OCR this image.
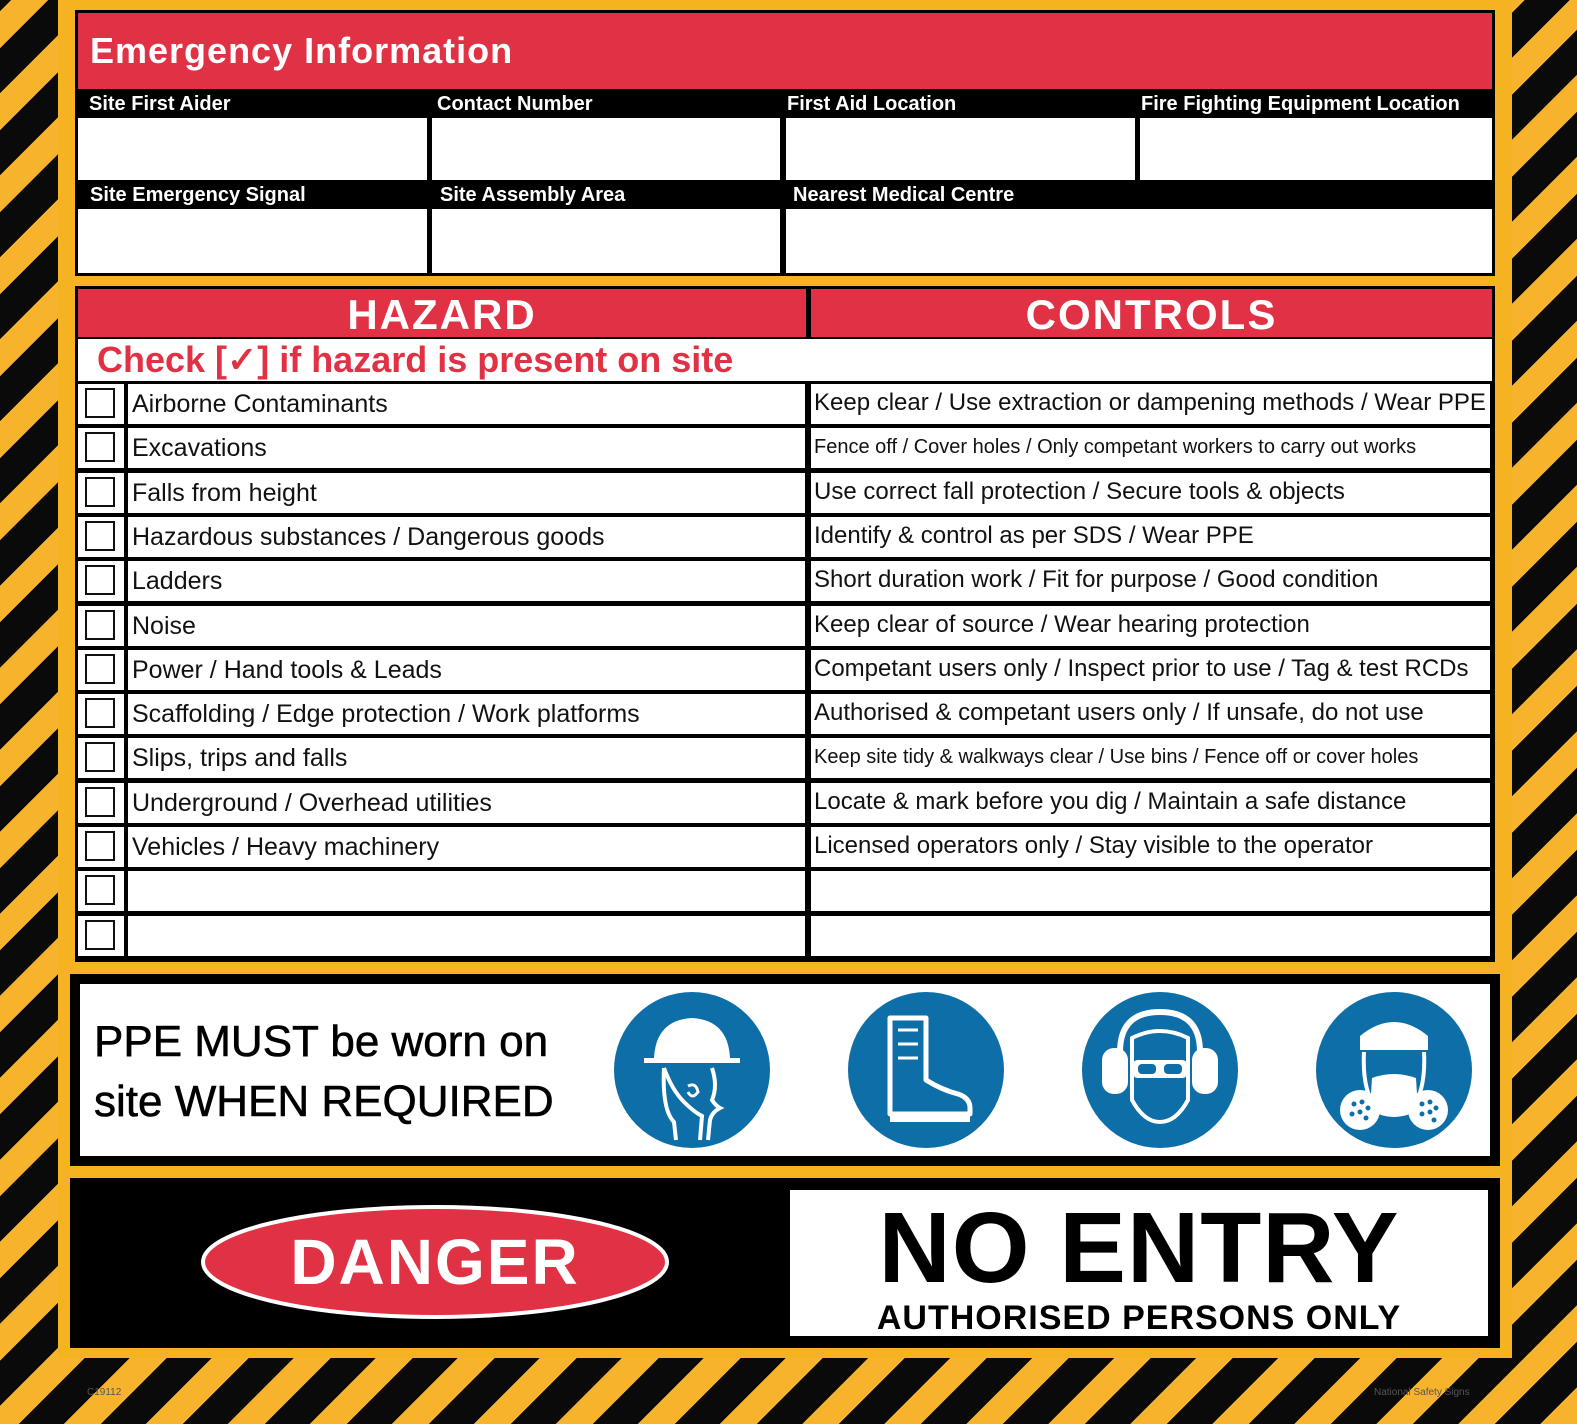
Emergency Information
Site First Aider	Contact Number	First Aid Location	Fire Fighting Equipment Location
Site Emergency Signal	Site Assembly Area	Nearest Medical Centre
HAZARD	CONTROLS
Check [✓] if hazard is present on site
Airborne Contaminants	Keep clear / Use extraction or dampening methods / Wear PPE
Excavations	Fence off / Cover holes / Only competant workers to carry out works
Falls from height	Use correct fall protection / Secure tools & objects
Hazardous substances / Dangerous goods	Identify & control as per SDS / Wear PPE
Ladders	Short duration work / Fit for purpose / Good condition
Noise	Keep clear of source / Wear hearing protection
Power / Hand tools & Leads	Competant users only / Inspect prior to use / Tag & test RCDs
Scaffolding / Edge protection / Work platforms	Authorised & competant users only / If unsafe, do not use
Slips, trips and falls	Keep site tidy & walkways clear / Use bins / Fence off or cover holes
Underground / Overhead utilities	Locate & mark before you dig / Maintain a safe distance
Vehicles / Heavy machinery	Licensed operators only / Stay visible to the operator
PPE MUST be worn on
site WHEN REQUIRED
DANGER	NO ENTRY
AUTHORISED PERSONS ONLY
C19112	National Safety Signs
